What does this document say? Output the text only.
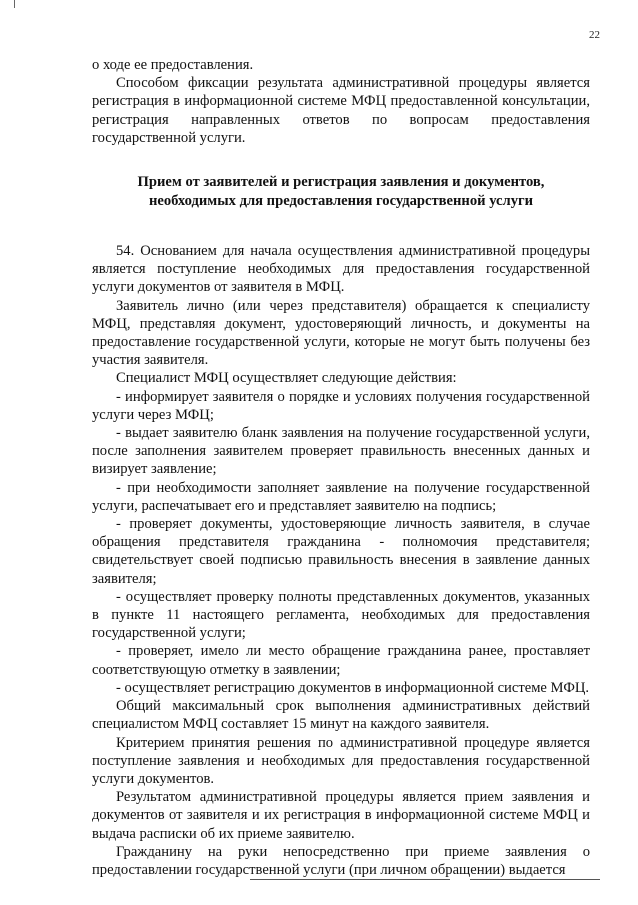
22

о ходе ее предоставления.

Способом фиксации результата административной процедуры является регистрация в информационной системе МФЦ предоставленной консультации, регистрация направленных ответов по вопросам предоставления государственной услуги.

Прием от заявителей и регистрация заявления и документов,
необходимых для предоставления государственной услуги

54. Основанием для начала осуществления административной процедуры является поступление необходимых для предоставления государственной услуги документов от заявителя в МФЦ.

Заявитель лично (или через представителя) обращается к специалисту МФЦ, представляя документ, удостоверяющий личность, и документы на предоставление государственной услуги, которые не могут быть получены без участия заявителя.

Специалист МФЦ осуществляет следующие действия:

- информирует заявителя о порядке и условиях получения государственной услуги через МФЦ;

- выдает заявителю бланк заявления на получение государственной услуги, после заполнения заявителем проверяет правильность внесенных данных и визирует заявление;

- при необходимости заполняет заявление на получение государственной услуги, распечатывает его и представляет заявителю на подпись;

- проверяет документы, удостоверяющие личность заявителя, в случае обращения представителя гражданина - полномочия представителя; свидетельствует своей подписью правильность внесения в заявление данных заявителя;

- осуществляет проверку полноты представленных документов, указанных в пункте 11 настоящего регламента, необходимых для предоставления государственной услуги;

- проверяет, имело ли место обращение гражданина ранее, проставляет соответствующую отметку в заявлении;

- осуществляет регистрацию документов в информационной системе МФЦ.

Общий максимальный срок выполнения административных действий специалистом МФЦ составляет 15 минут на каждого заявителя.

Критерием принятия решения по административной процедуре является поступление заявления и необходимых для предоставления государственной услуги документов.

Результатом административной процедуры является прием заявления и документов от заявителя и их регистрация в информационной системе МФЦ и выдача расписки об их приеме заявителю.

Гражданину на руки непосредственно при приеме заявления о предоставлении государственной услуги (при личном обращении) выдается
